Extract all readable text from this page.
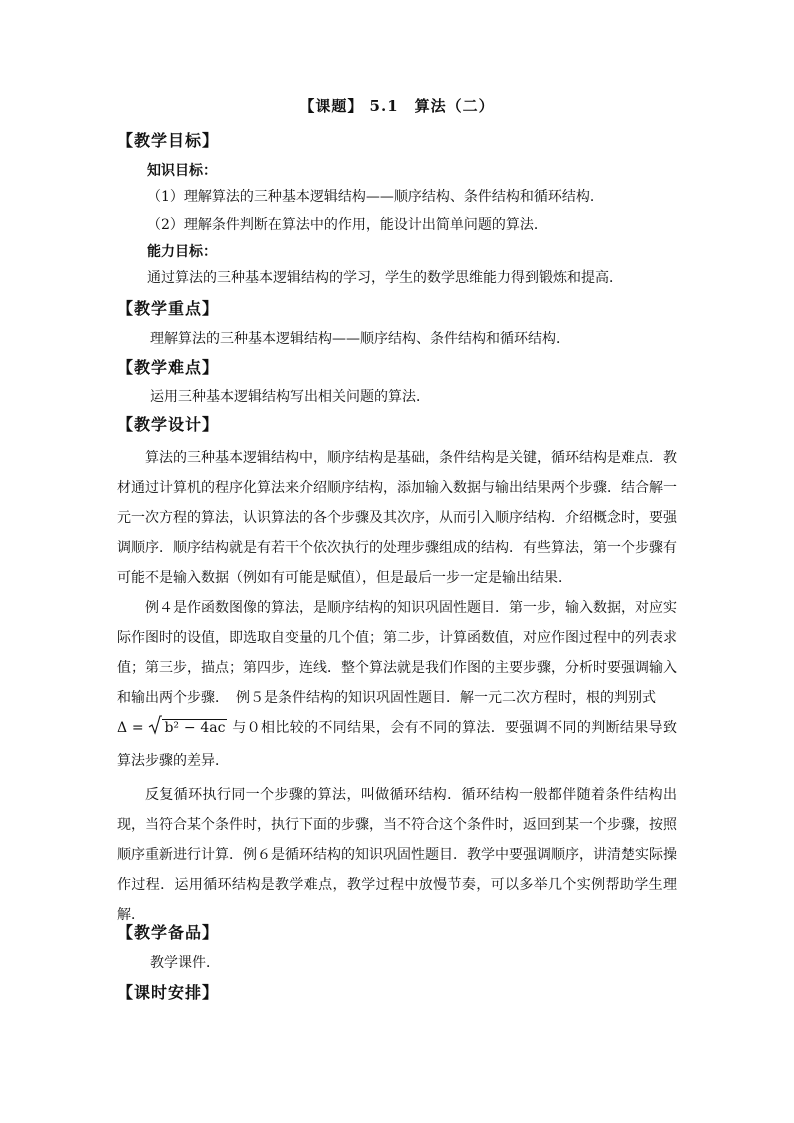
【课题】 5.1　算法（二）
【教学目标】
知识目标：
（1）理解算法的三种基本逻辑结构——顺序结构、条件结构和循环结构．
（2）理解条件判断在算法中的作用，能设计出简单问题的算法．
能力目标：
通过算法的三种基本逻辑结构的学习，学生的数学思维能力得到锻炼和提高．
【教学重点】
理解算法的三种基本逻辑结构——顺序结构、条件结构和循环结构．
【教学难点】
运用三种基本逻辑结构写出相关问题的算法．
【教学设计】

算法的三种基本逻辑结构中，顺序结构是基础，条件结构是关键，循环结构是难点．教材通过计算机的程序化算法来介绍顺序结构，添加输入数据与输出结果两个步骤．结合解一元一次方程的算法，认识算法的各个步骤及其次序，从而引入顺序结构．介绍概念时，要强调顺序．顺序结构就是有若干个依次执行的处理步骤组成的结构．有些算法，第一个步骤有可能不是输入数据（例如有可能是赋值），但是最后一步一定是输出结果．

例４是作函数图像的算法，是顺序结构的知识巩固性题目．第一步，输入数据，对应实际作图时的设值，即选取自变量的几个值；第二步，计算函数值，对应作图过程中的列表求值；第三步，描点；第四步，连线．整个算法就是我们作图的主要步骤，分析时要强调输入和输出两个步骤．　例５是条件结构的知识巩固性题目．解一元二次方程时，根的判别式

Δ = b² − 4ac 与０相比较的不同结果，会有不同的算法．要强调不同的判断结果导致算法步骤的差异．

反复循环执行同一个步骤的算法，叫做循环结构．循环结构一般都伴随着条件结构出现，当符合某个条件时，执行下面的步骤，当不符合这个条件时，返回到某一个步骤，按照顺序重新进行计算．例６是循环结构的知识巩固性题目．教学中要强调顺序，讲清楚实际操作过程．运用循环结构是教学难点，教学过程中放慢节奏，可以多举几个实例帮助学生理解．

【教学备品】
教学课件．
【课时安排】
